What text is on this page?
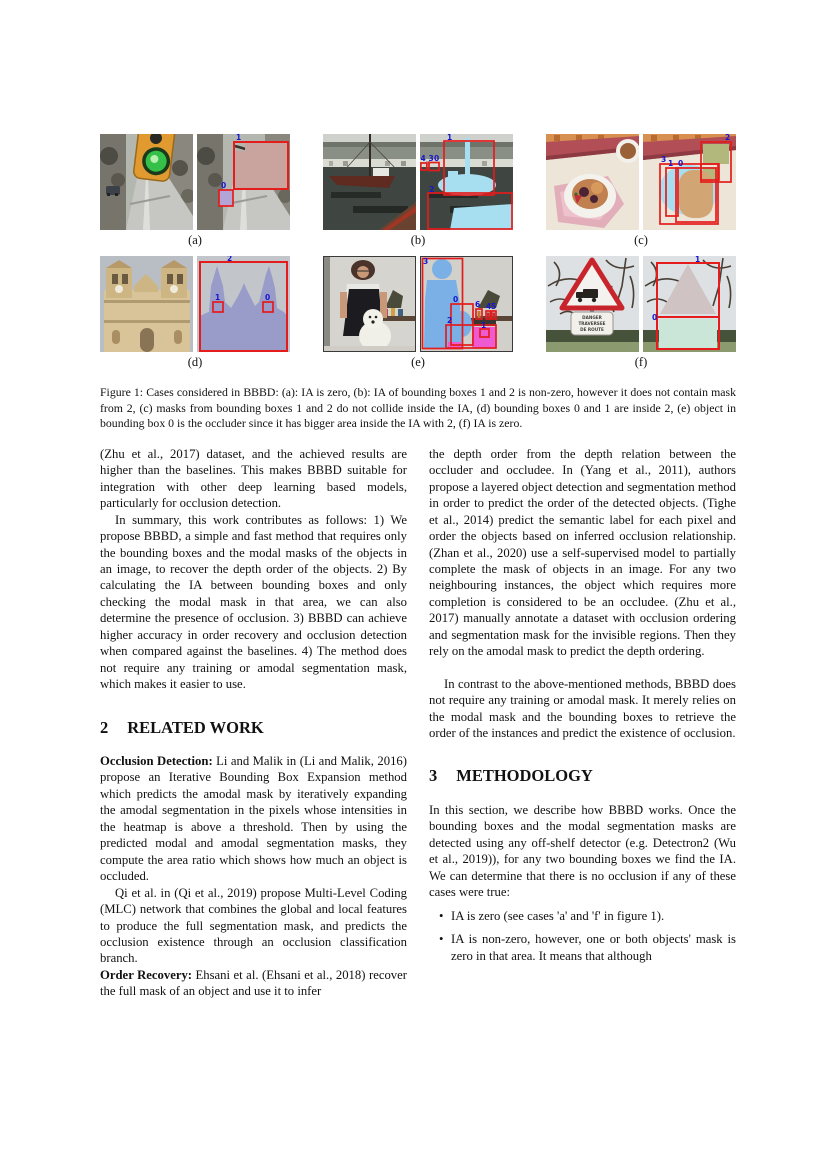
1
0
(a)
1
4 3 0
2
(b)
2
3 1 0
(c)
2
1	0
(d)
3
0
2
6 4 5
1
(e)
DANGER
TRAVERSEE
DE ROUTE
1
0
(f)

Figure 1: Cases considered in BBBD: (a): IA is zero, (b): IA of bounding boxes 1 and 2 is non-zero, however it does not contain mask from 2, (c) masks from bounding boxes 1 and 2 do not collide inside the IA, (d) bounding boxes 0 and 1 are inside 2, (e) object in bounding box 0 is the occluder since it has bigger area inside the IA with 2, (f) IA is zero.

(Zhu et al., 2017) dataset, and the achieved results are higher than the baselines. This makes BBBD suitable for integration with other deep learning based models, particularly for occlusion detection.

In summary, this work contributes as follows: 1) We propose BBBD, a simple and fast method that requires only the bounding boxes and the modal masks of the objects in an image, to recover the depth order of the objects. 2) By calculating the IA between bounding boxes and only checking the modal mask in that area, we can also determine the presence of occlusion. 3) BBBD can achieve higher accuracy in order recovery and occlusion detection when compared against the baselines. 4) The method does not require any training or amodal segmentation mask, which makes it easier to use.

2 RELATED WORK

Occlusion Detection: Li and Malik in (Li and Malik, 2016) propose an Iterative Bounding Box Expansion method which predicts the amodal mask by iteratively expanding the amodal segmentation in the pixels whose intensities in the heatmap is above a threshold. Then by using the predicted modal and amodal segmentation masks, they compute the area ratio which shows how much an object is occluded.

Qi et al. in (Qi et al., 2019) propose Multi-Level Coding (MLC) network that combines the global and local features to produce the full segmentation mask, and predicts the occlusion existence through an occlusion classification branch.

Order Recovery: Ehsani et al. (Ehsani et al., 2018) recover the full mask of an object and use it to infer

the depth order from the depth relation between the occluder and occludee. In (Yang et al., 2011), authors propose a layered object detection and segmentation method in order to predict the order of the detected objects. (Tighe et al., 2014) predict the semantic label for each pixel and order the objects based on inferred occlusion relationship. (Zhan et al., 2020) use a self-supervised model to partially complete the mask of objects in an image. For any two neighbouring instances, the object which requires more completion is considered to be an occludee. (Zhu et al., 2017) manually annotate a dataset with occlusion ordering and segmentation mask for the invisible regions. Then they rely on the amodal mask to predict the depth ordering.

In contrast to the above-mentioned methods, BBBD does not require any training or amodal mask. It merely relies on the modal mask and the bounding boxes to retrieve the order of the instances and predict the existence of occlusion.

3 METHODOLOGY

In this section, we describe how BBBD works. Once the bounding boxes and the modal segmentation masks are detected using any off-shelf detector (e.g. Detectron2 (Wu et al., 2019)), for any two bounding boxes we find the IA. We can determine that there is no occlusion if any of these cases were true:

• IA is zero (see cases 'a' and 'f' in figure 1).
• IA is non-zero, however, one or both objects' mask is zero in that area. It means that although
